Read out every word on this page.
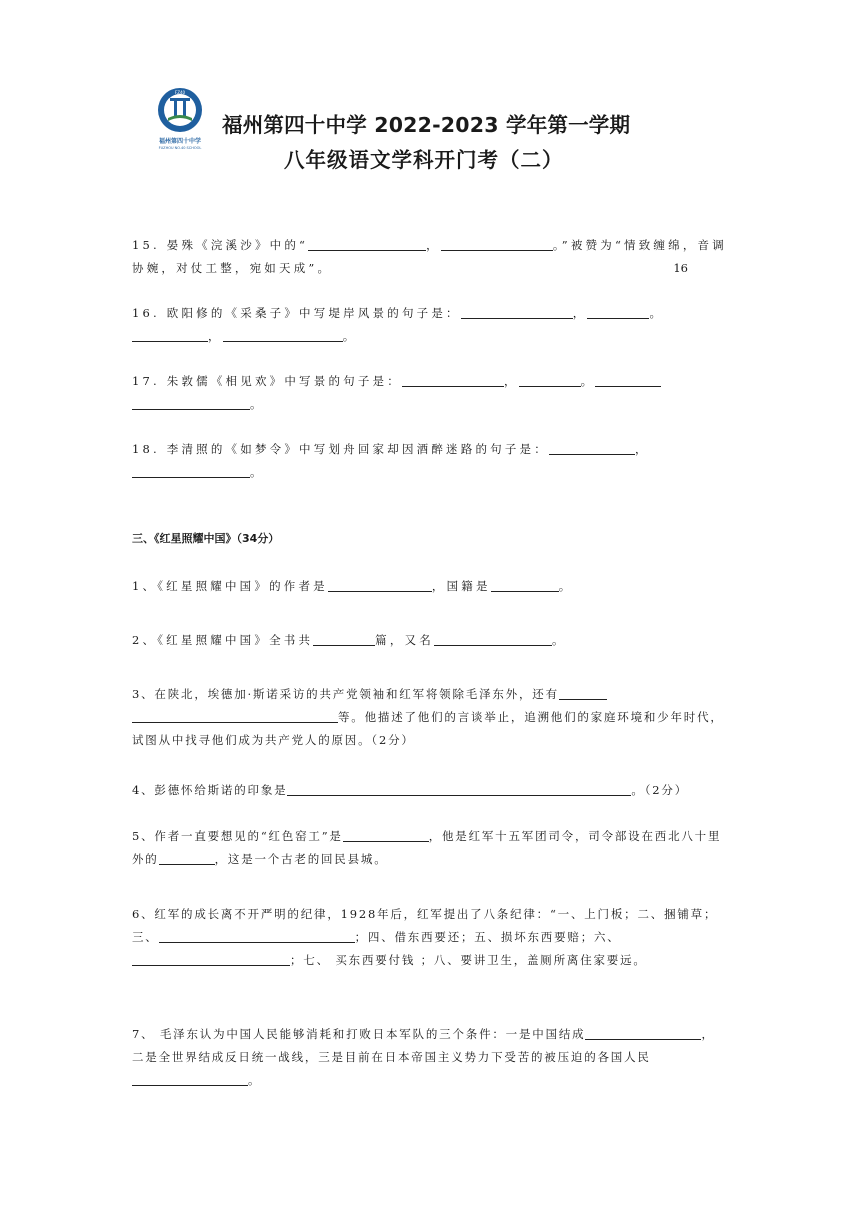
FZ40
福州第四十中学
FUZHOU NO.40 SCHOOL
福州第四十中学 2022-2023 学年第一学期
八年级语文学科开门考（二）
15. 晏殊《浣溪沙》中的“	，	。”被赞为“情致缠绵，音调协婉，对仗工整，宛如天成”。	16
16. 欧阳修的《采桑子》中写堤岸风景的句子是：	，	。
，	。
17. 朱敦儒《相见欢》中写景的句子是：	，	。
。
18. 李清照的《如梦令》中写划舟回家却因酒醉迷路的句子是：	，
。
三、《红星照耀中国》（34分）
1、《红星照耀中国》的作者是	，国籍是	。
2、《红星照耀中国》全书共	篇，又名	。
3、在陕北，埃德加·斯诺采访的共产党领袖和红军将领除毛泽东外，还有
等。他描述了他们的言谈举止，追溯他们的家庭环境和少年时代，试图从中找寻他们成为共产党人的原因。（2分）
4、彭德怀给斯诺的印象是	。（2分）
5、作者一直要想见的“红色窑工”是	，他是红军十五军团司令，司令部设在西北八十里外的	，这是一个古老的回民县城。
6、红军的成长离不开严明的纪律，1928年后，红军提出了八条纪律：“一、上门板；二、捆铺草；三、	；四、借东西要还；五、损坏东西要赔；六、；七、 买东西要付钱 ；八、要讲卫生，盖厕所离住家要远。
7、 毛泽东认为中国人民能够消耗和打败日本军队的三个条件：一是中国结成	，二是全世界结成反日统一战线，三是目前在日本帝国主义势力下受苦的被压迫的各国人民。
